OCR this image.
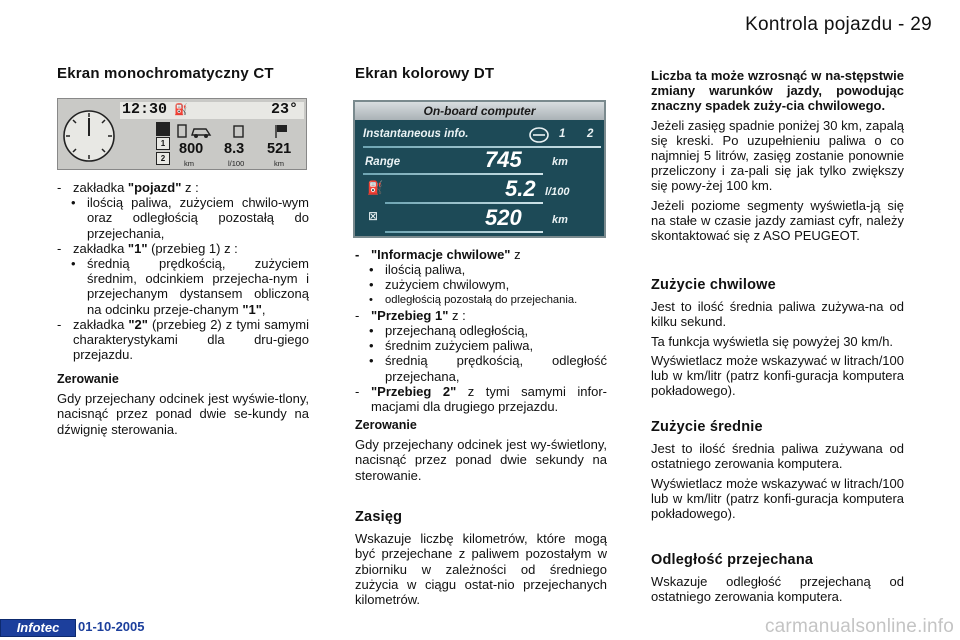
Kontrola pojazdu - 29
Ekran monochromatyczny CT
12:30 ⛽	23°
1
2
800 8.3 521
km	l/100	km
- zakładka "pojazd" z :
• ilością paliwa, zużyciem chwilo-wym oraz odległością pozostałą do przejechania,
- zakładka "1" (przebieg 1) z :
• średnią prędkością, zużyciem średnim, odcinkiem przejecha-nym i przejechanym dystansem obliczoną na odcinku przeje-chanym "1",
- zakładka "2" (przebieg 2) z tymi samymi charakterystykami dla dru-giego przejazdu.
Zerowanie
Gdy przejechany odcinek jest wyświe-tlony, nacisnąć przez ponad dwie se-kundy na dźwignię sterowania.
Ekran kolorowy DT
On-board computer
Instantaneous info.	1 2
Range	745	km
⛽	5.2 l/100
⊠	520	km
- "Informacje chwilowe" z
• ilością paliwa,
• zużyciem chwilowym,
• odległością pozostałą do przejechania.
- "Przebieg 1" z :
• przejechaną odległością,
• średnim zużyciem paliwa,
• średnią prędkością, odległość przejechana,
- "Przebieg 2" z tymi samymi infor-macjami dla drugiego przejazdu.
Zerowanie
Gdy przejechany odcinek jest wy-świetlony, nacisnąć przez ponad dwie sekundy na sterowanie.
Zasięg
Wskazuje liczbę kilometrów, które mogą być przejechane z paliwem pozostałym w zbiorniku w zależności od średniego zużycia w ciągu ostat-nio przejechanych kilometrów.
Liczba ta może wzrosnąć w na-stępstwie zmiany warunków jazdy, powodując znaczny spadek zuży-cia chwilowego.
Jeżeli zasięg spadnie poniżej 30 km, zapalą się kreski. Po uzupełnieniu paliwa o co najmniej 5 litrów, zasięg zostanie ponownie przeliczony i za-pali się jak tylko zwiększy się powy-żej 100 km.
Jeżeli poziome segmenty wyświetla-ją się na stałe w czasie jazdy zamiast cyfr, należy skontaktować się z ASO PEUGEOT.
Zużycie chwilowe
Jest to ilość średnia paliwa zużywa-na od kilku sekund.
Ta funkcja wyświetla się powyżej 30 km/h.
Wyświetlacz może wskazywać w litrach/100 lub w km/litr (patrz konfi-guracja komputera pokładowego).
Zużycie średnie
Jest to ilość średnia paliwa zużywana od ostatniego zerowania komputera.
Wyświetlacz może wskazywać w litrach/100 lub w km/litr (patrz konfi-guracja komputera pokładowego).
Odległość przejechana
Wskazuje odległość przejechaną od ostatniego zerowania komputera.
Infotec	01-10-2005	carmanualsonline.info
